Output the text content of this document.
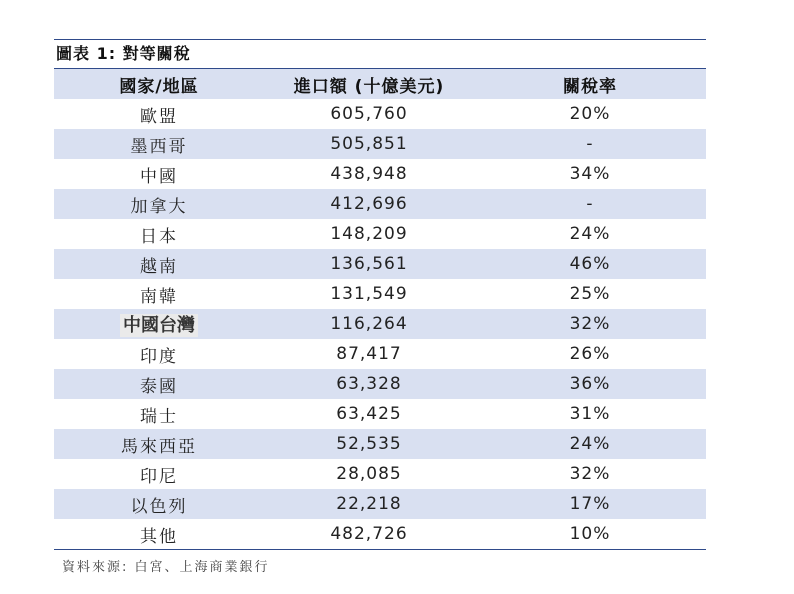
圖表 1: 對等關稅
國家/地區	進口額 (十億美元)	關稅率
歐盟	605,760	20%
墨西哥	505,851	-
中國	438,948	34%
加拿大	412,696	-
日本	148,209	24%
越南	136,561	46%
南韓	131,549	25%
中國台灣	116,264	32%
印度	87,417	26%
泰國	63,328	36%
瑞士	63,425	31%
馬來西亞	52,535	24%
印尼	28,085	32%
以色列	22,218	17%
其他	482,726	10%
資料來源: 白宮、上海商業銀行
